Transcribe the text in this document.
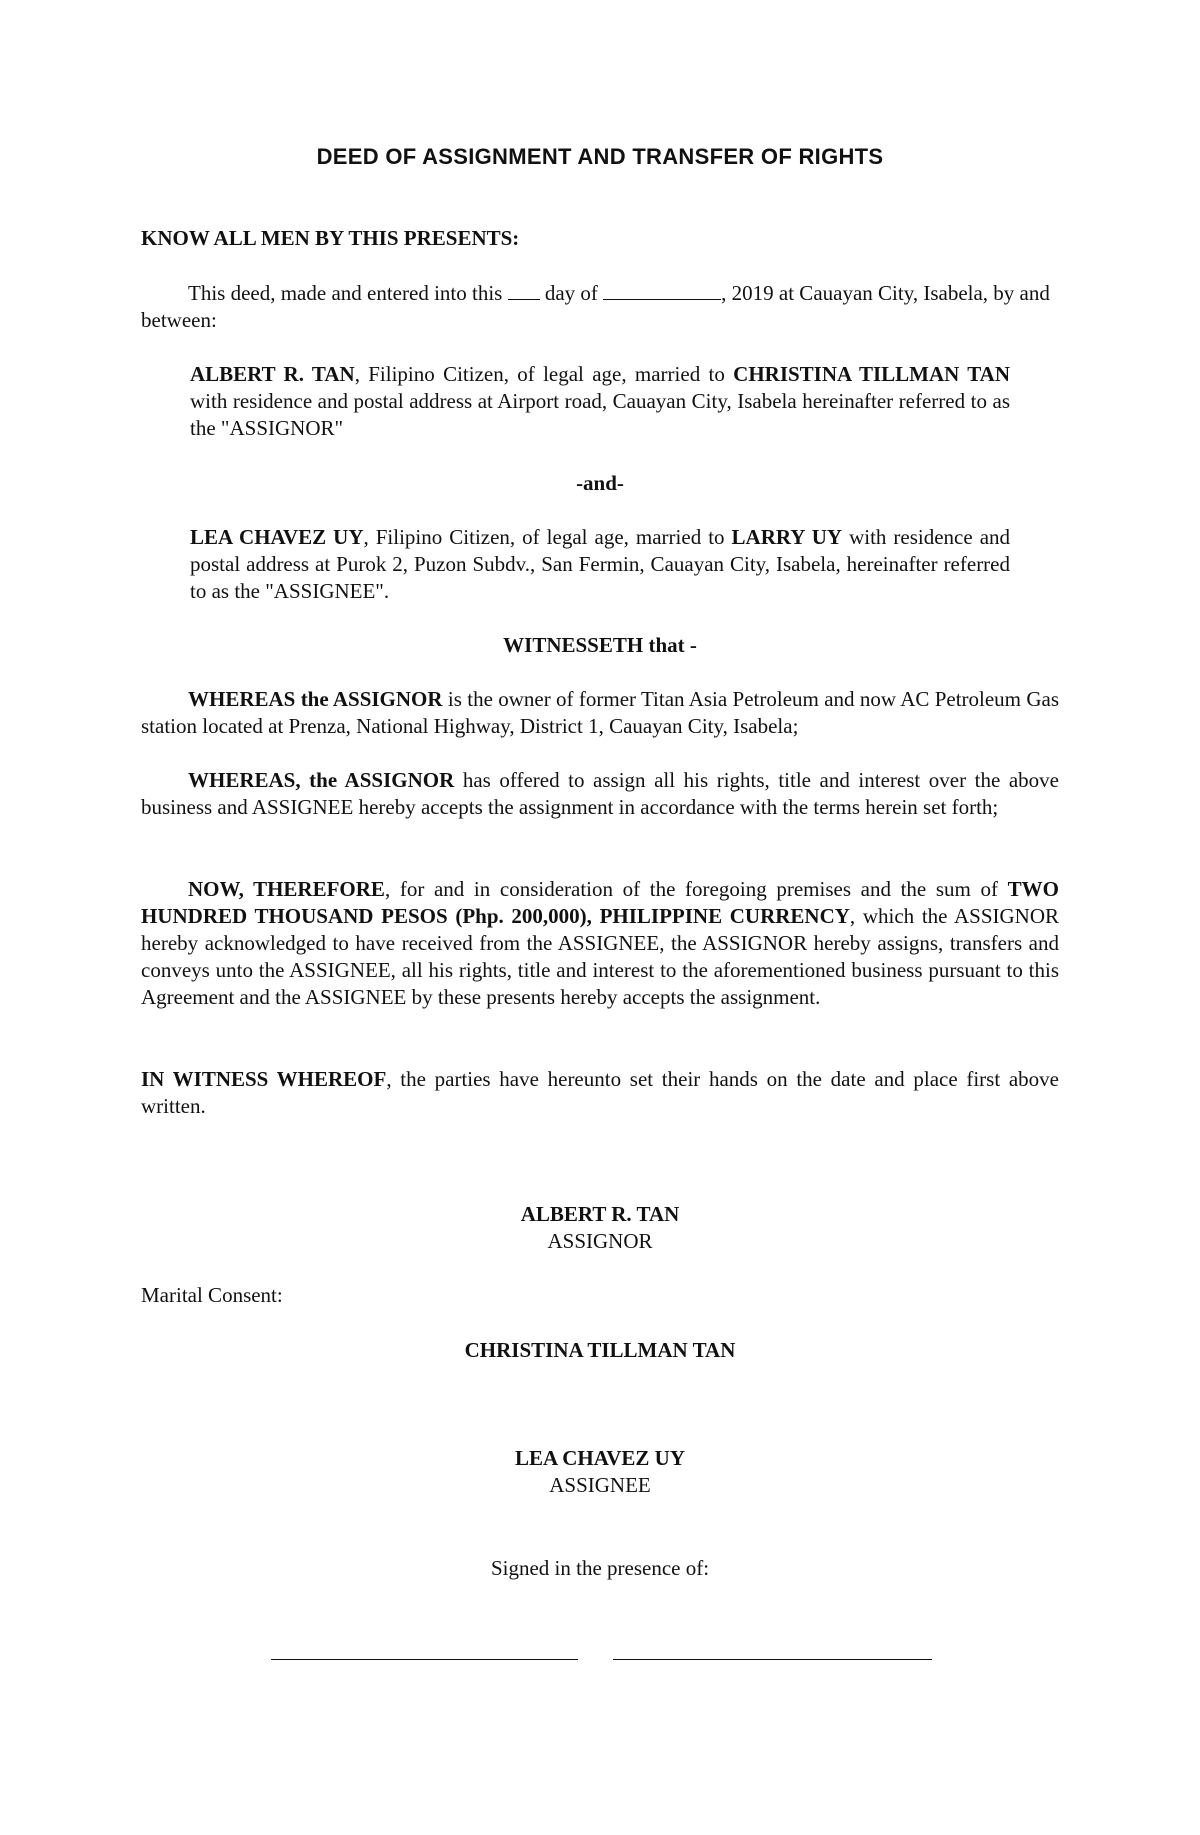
DEED OF ASSIGNMENT AND TRANSFER OF RIGHTS

KNOW ALL MEN BY THIS PRESENTS:

This deed, made and entered into this day of	, 2019 at Cauayan City, Isabela, by and between:

ALBERT R. TAN, Filipino Citizen, of legal age, married to CHRISTINA TILLMAN TAN with residence and postal address at Airport road, Cauayan City, Isabela hereinafter referred to as the "ASSIGNOR"

-and-

LEA CHAVEZ UY, Filipino Citizen, of legal age, married to LARRY UY with residence and postal address at Purok 2, Puzon Subdv., San Fermin, Cauayan City, Isabela, hereinafter referred to as the "ASSIGNEE".

WITNESSETH that -

WHEREAS the ASSIGNOR is the owner of former Titan Asia Petroleum and now AC Petroleum Gas station located at Prenza, National Highway, District 1, Cauayan City, Isabela;

WHEREAS, the ASSIGNOR has offered to assign all his rights, title and interest over the above business and ASSIGNEE hereby accepts the assignment in accordance with the terms herein set forth;

NOW, THEREFORE, for and in consideration of the foregoing premises and the sum of TWO HUNDRED THOUSAND PESOS (Php. 200,000), PHILIPPINE CURRENCY, which the ASSIGNOR hereby acknowledged to have received from the ASSIGNEE, the ASSIGNOR hereby assigns, transfers and conveys unto the ASSIGNEE, all his rights, title and interest to the aforementioned business pursuant to this Agreement and the ASSIGNEE by these presents hereby accepts the assignment.

IN WITNESS WHEREOF, the parties have hereunto set their hands on the date and place first above written.

ALBERT R. TAN

ASSIGNOR

Marital Consent:

CHRISTINA TILLMAN TAN

LEA CHAVEZ UY

ASSIGNEE

Signed in the presence of:
